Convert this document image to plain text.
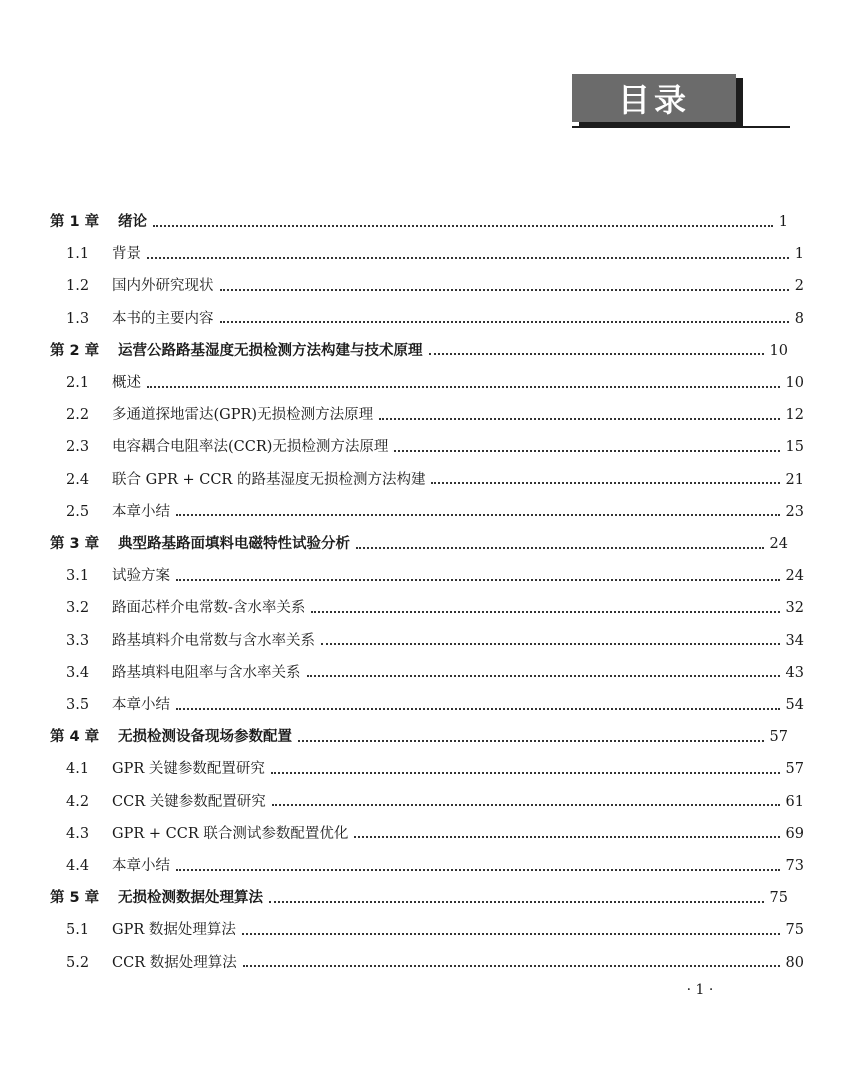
目录
第 1 章	绪论	1
1.1	背景	1
1.2	国内外研究现状	2
1.3	本书的主要内容	8
第 2 章	运营公路路基湿度无损检测方法构建与技术原理	10
2.1	概述	10
2.2	多通道探地雷达(GPR)无损检测方法原理	12
2.3	电容耦合电阻率法(CCR)无损检测方法原理	15
2.4	联合 GPR + CCR 的路基湿度无损检测方法构建	21
2.5	本章小结	23
第 3 章	典型路基路面填料电磁特性试验分析	24
3.1	试验方案	24
3.2	路面芯样介电常数-含水率关系	32
3.3	路基填料介电常数与含水率关系	34
3.4	路基填料电阻率与含水率关系	43
3.5	本章小结	54
第 4 章	无损检测设备现场参数配置	57
4.1	GPR 关键参数配置研究	57
4.2	CCR 关键参数配置研究	61
4.3	GPR + CCR 联合测试参数配置优化	69
4.4	本章小结	73
第 5 章	无损检测数据处理算法	75
5.1	GPR 数据处理算法	75
5.2	CCR 数据处理算法	80
· 1 ·
